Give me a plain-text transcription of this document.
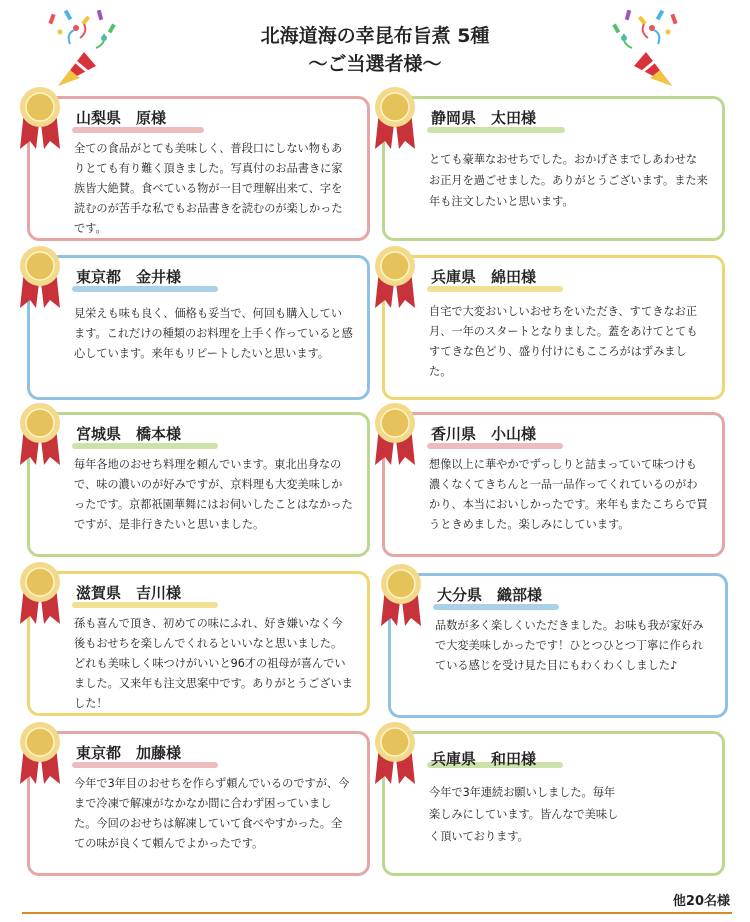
北海道海の幸昆布旨煮 5種
〜ご当選者様〜
山梨県　原様
全ての食品がとても美味しく、普段口にしない物もありとても有り難く頂きました。写真付のお品書きに家族皆大絶賛。食べている物が一目で理解出来て、字を読むのが苦手な私でもお品書きを読むのが楽しかったです。
静岡県　太田様
とても豪華なおせちでした。おかげさまでしあわせなお正月を過ごせました。ありがとうございます。また来年も注文したいと思います。
東京都　金井様
見栄えも味も良く、価格も妥当で、何回も購入しています。これだけの種類のお料理を上手く作っていると感心しています。来年もリピートしたいと思います。
兵庫県　綿田様
自宅で大変おいしいおせちをいただき、すてきなお正月、一年のスタートとなりました。蓋をあけてとてもすてきな色どり、盛り付けにもこころがはずみました。
宮城県　橋本様
毎年各地のおせち料理を頼んでいます。東北出身なので、味の濃いのが好みですが、京料理も大変美味しかったです。京都祇園華舞にはお伺いしたことはなかったですが、是非行きたいと思いました。
香川県　小山様
想像以上に華やかでずっしりと詰まっていて味つけも濃くなくてきちんと一品一品作ってくれているのがわかり、本当においしかったです。来年もまたこちらで買うときめました。楽しみにしています。
滋賀県　吉川様
孫も喜んで頂き、初めての味にふれ、好き嫌いなく今後もおせちを楽しんでくれるといいなと思いました。どれも美味しく味つけがいいと96才の祖母が喜んでいました。又来年も注文思案中です。ありがとうございました！
大分県　織部様
品数が多く楽しくいただきました。お味も我が家好みで大変美味しかったです！ひとつひとつ丁寧に作られている感じを受け見た目にもわくわくしました♪
東京都　加藤様
今年で3年目のおせちを作らず頼んでいるのですが、今まで冷凍で解凍がなかなか間に合わず困っていました。今回のおせちは解凍していて食べやすかった。全ての味が良くて頼んでよかったです。
兵庫県　和田様
今年で3年連続お願いしました。毎年楽しみにしています。皆んなで美味しく頂いております。
他20名様
